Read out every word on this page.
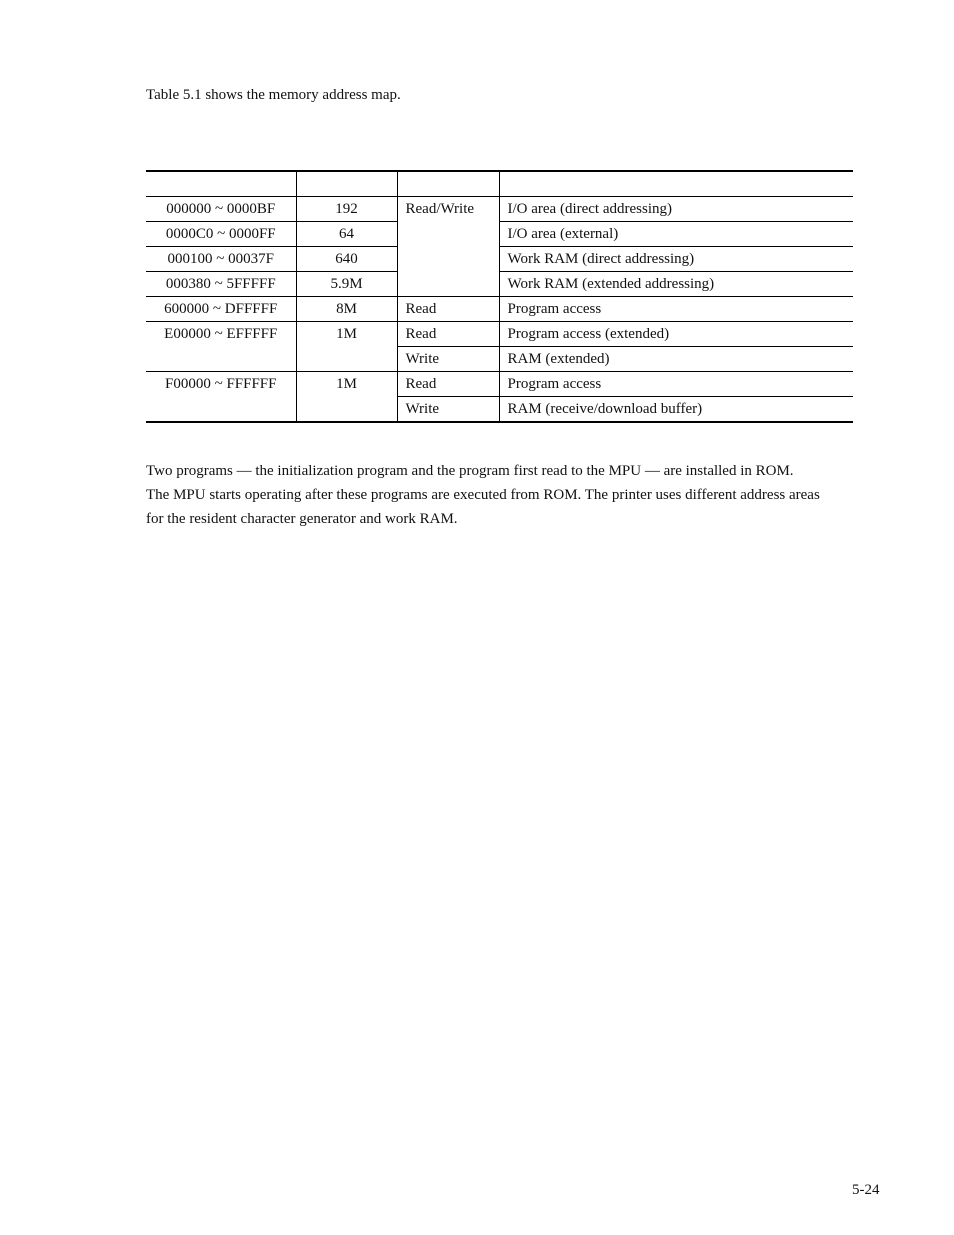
Table 5.1 shows the memory address map.

000000 ~ 0000BF	192	Read/Write	I/O area (direct addressing)
0000C0 ~ 0000FF	64		I/O area (external)
000100 ~ 00037F	640		Work RAM (direct addressing)
000380 ~ 5FFFFF	5.9M		Work RAM (extended addressing)
600000 ~ DFFFFF	8M	Read	Program access
E00000 ~ EFFFFF	1M	Read	Program access (extended)
		Write	RAM (extended)
F00000 ~ FFFFFF	1M	Read	Program access
		Write	RAM (receive/download buffer)

Two programs — the initialization program and the program first read to the MPU — are installed in ROM.
The MPU starts operating after these programs are executed from ROM. The printer uses different address areas
for the resident character generator and work RAM.

5-24
